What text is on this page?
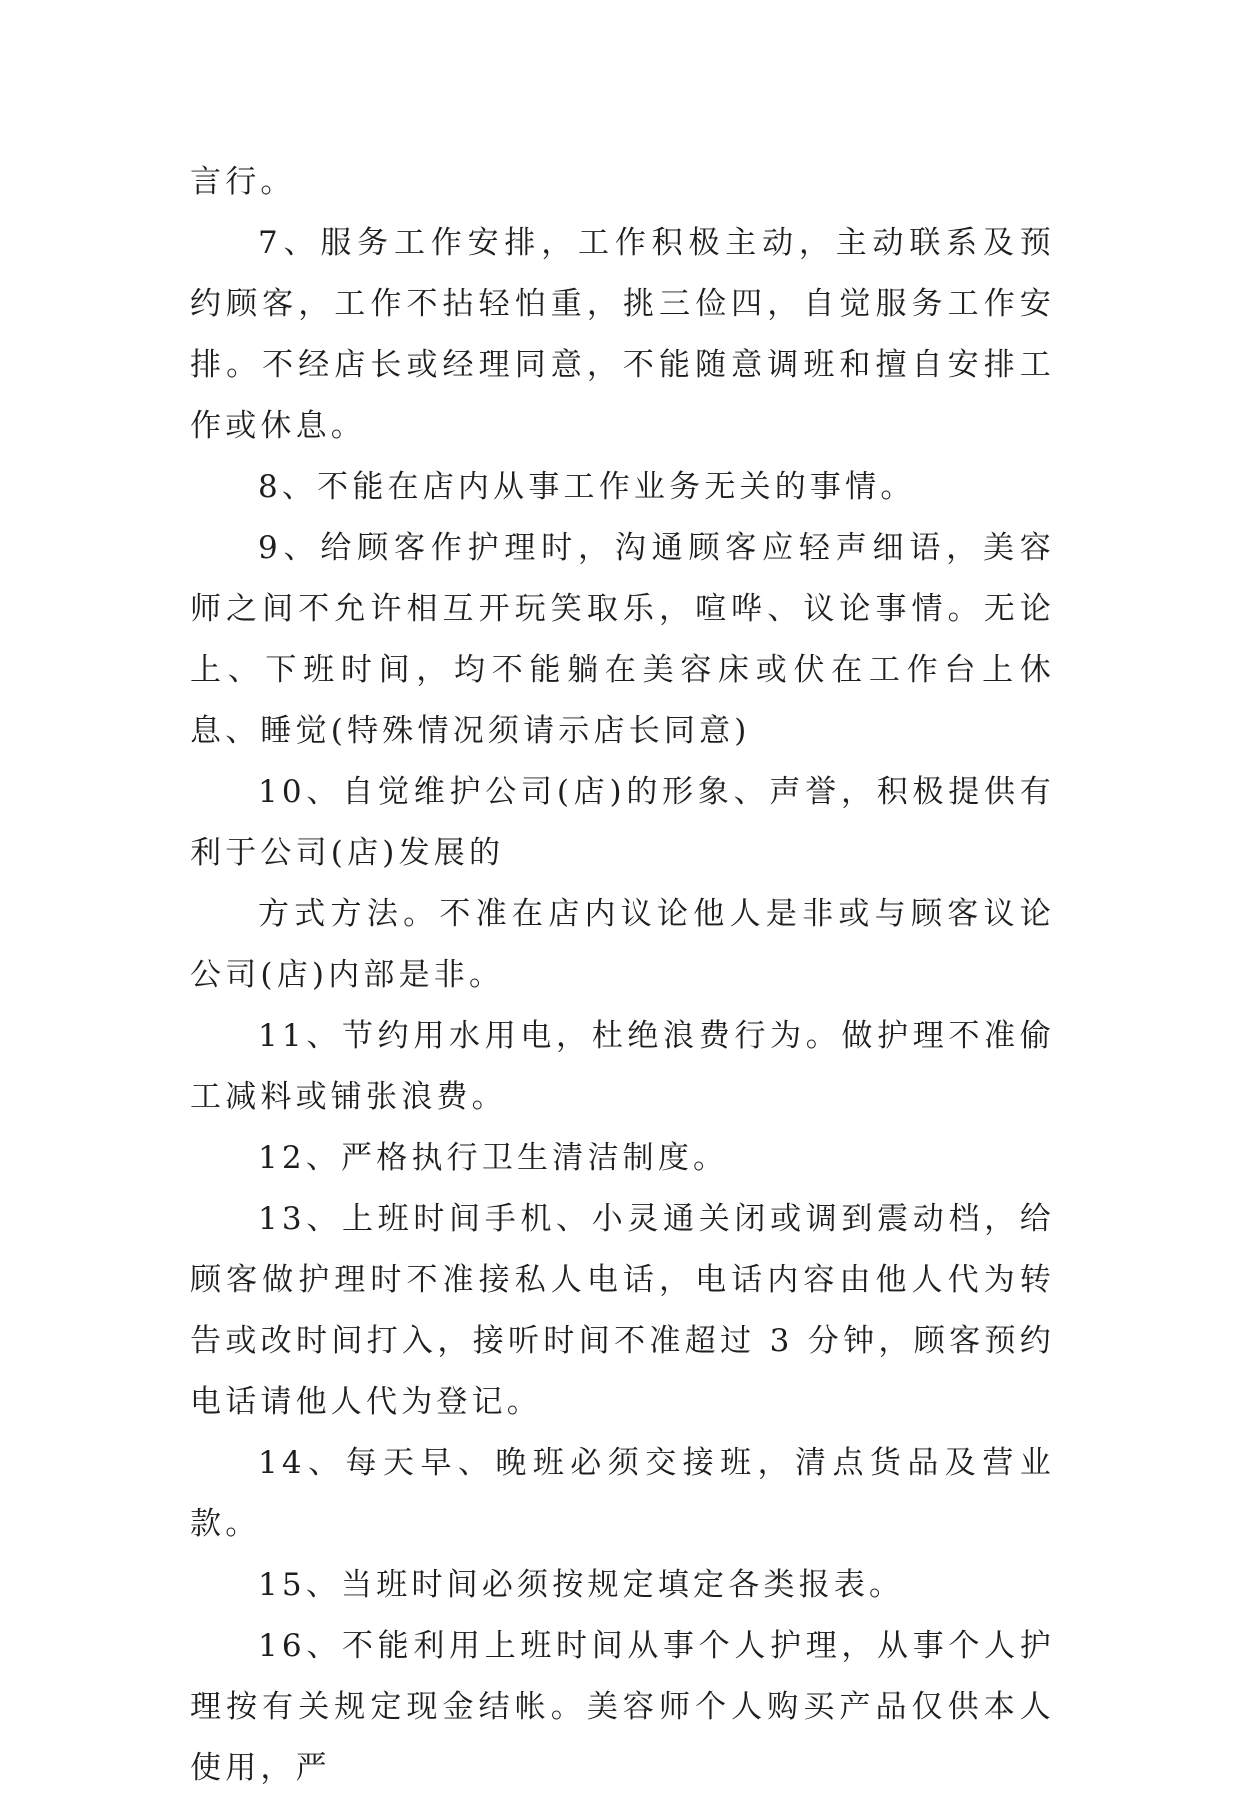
言行。

7、服务工作安排，工作积极主动，主动联系及预约顾客，工作不拈轻怕重，挑三俭四，自觉服务工作安排。不经店长或经理同意，不能随意调班和擅自安排工作或休息。

8、不能在店内从事工作业务无关的事情。

9、给顾客作护理时，沟通顾客应轻声细语，美容师之间不允许相互开玩笑取乐，喧哗、议论事情。无论上、下班时间，均不能躺在美容床或伏在工作台上休息、睡觉(特殊情况须请示店长同意)

10、自觉维护公司(店)的形象、声誉，积极提供有利于公司(店)发展的

方式方法。不准在店内议论他人是非或与顾客议论公司(店)内部是非。

11、节约用水用电，杜绝浪费行为。做护理不准偷工减料或铺张浪费。

12、严格执行卫生清洁制度。

13、上班时间手机、小灵通关闭或调到震动档，给顾客做护理时不准接私人电话，电话内容由他人代为转告或改时间打入，接听时间不准超过 3 分钟，顾客预约电话请他人代为登记。

14、每天早、晚班必须交接班，清点货品及营业款。

15、当班时间必须按规定填定各类报表。

16、不能利用上班时间从事个人护理，从事个人护理按有关规定现金结帐。美容师个人购买产品仅供本人使用，严
